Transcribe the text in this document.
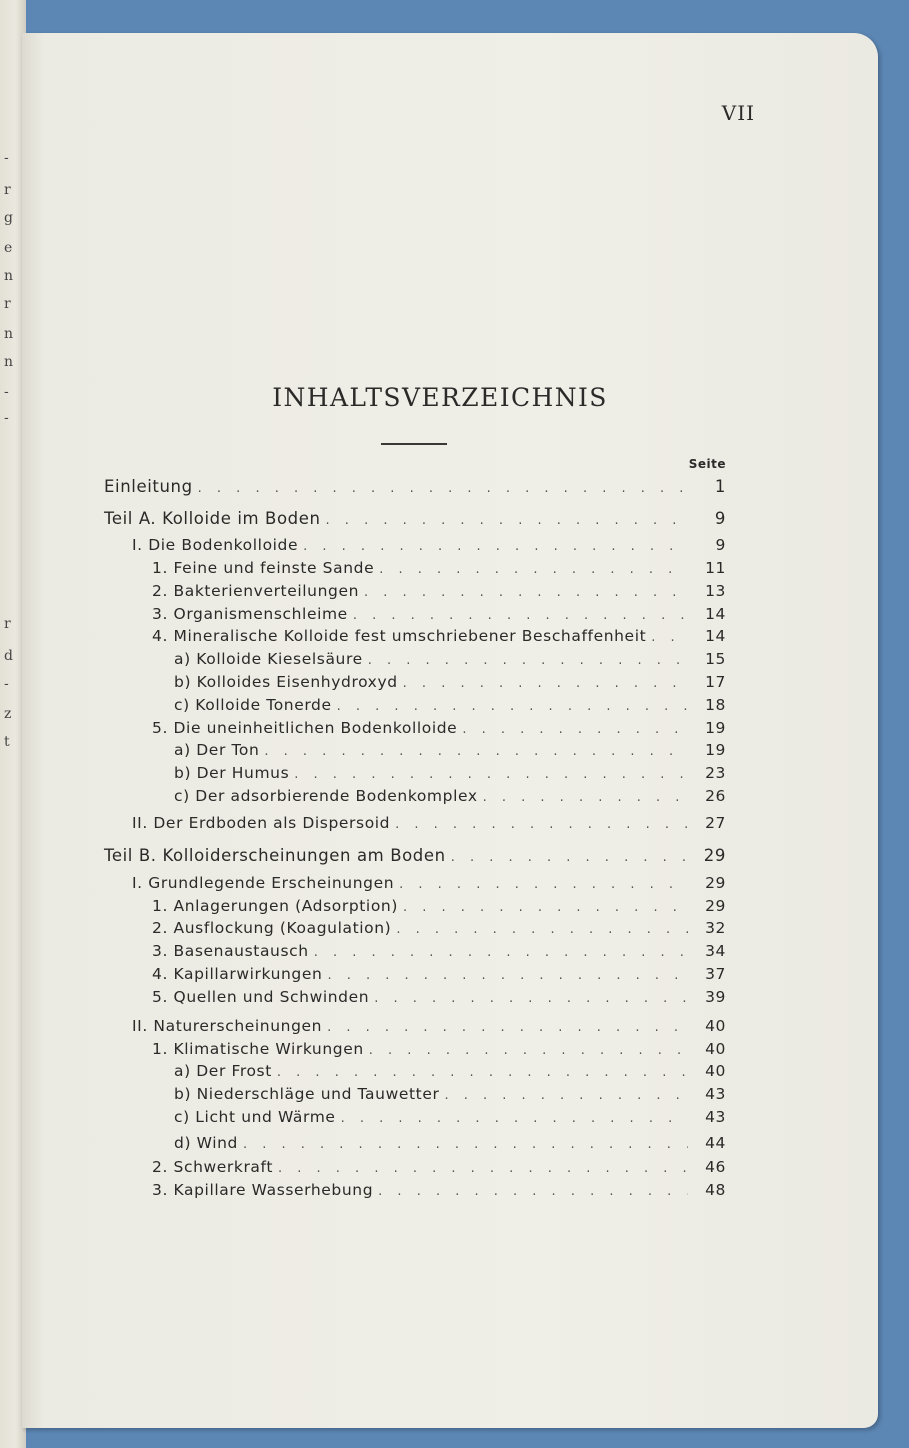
-
r
g
e
n
r
n
n
-
-
r
d
-
z
t
VII
INHALTSVERZEICHNIS
Seite
Einleitung . . .	1
Teil A. Kolloide im Boden . . .	9
I. Die Bodenkolloide . . .	9
1. Feine und feinste Sande . . .	11
2. Bakterienverteilungen . . .	13
3. Organismenschleime . . .	14
4. Mineralische Kolloide fest umschriebener Beschaffenheit . . .	14
a) Kolloide Kieselsäure . . .	15
b) Kolloides Eisenhydroxyd . . .	17
c) Kolloide Tonerde . . .	18
5. Die uneinheitlichen Bodenkolloide . . .	19
a) Der Ton . . .	19
b) Der Humus . . .	23
c) Der adsorbierende Bodenkomplex . . .	26
II. Der Erdboden als Dispersoid . . .	27
Teil B. Kolloiderscheinungen am Boden . . .	29
I. Grundlegende Erscheinungen . . .	29
1. Anlagerungen (Adsorption) . . .	29
2. Ausflockung (Koagulation) . . .	32
3. Basenaustausch . . .	34
4. Kapillarwirkungen . . .	37
5. Quellen und Schwinden . . .	39
II. Naturerscheinungen . . .	40
1. Klimatische Wirkungen . . .	40
a) Der Frost . . .	40
b) Niederschläge und Tauwetter . . .	43
c) Licht und Wärme . . .	43
d) Wind . . .	44
2. Schwerkraft . . .	46
3. Kapillare Wasserhebung . . .	48
